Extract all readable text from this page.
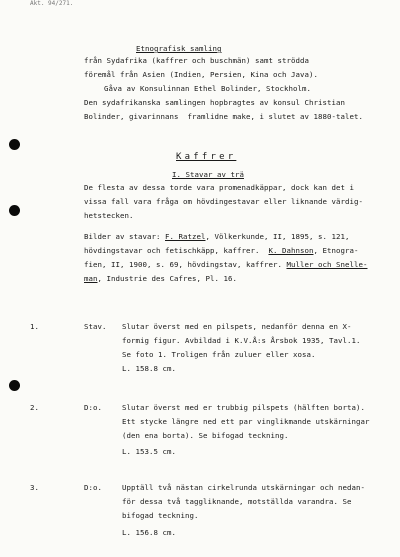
Akt. 94/271.
Etnografisk samling
från Sydafrika (kaffrer och buschmän) samt strödda
föremål från Asien (Indien, Persien, Kina och Java).
Gåva av Konsulinnan Ethel Bolinder, Stockholm.
Den sydafrikanska samlingen hopbragtes av konsul Christian
Bolinder, givarinnans  framlidne make, i slutet av 1880-talet.
Kaffrer
I. Stavar av trä
De flesta av dessa torde vara promenadkäppar, dock kan det i
vissa fall vara fråga om hövdingestavar eller liknande värdig-
hetstecken.
Bilder av stavar: F. Ratzel, Völkerkunde, II, 1895, s. 121,
hövdingstavar och fetischkäpp, kaffrer.  K. Dahnson, Etnogra-
fien, II, 1900, s. 69, hövdingstav, kaffrer. Muller och Snelle-
man, Industrie des Cafres, Pl. 16.
1.	Stav. Slutar överst med en pilspets, nedanför denna en X-
formig figur. Avbildad i K.V.Å:s Årsbok 1935, Tavl.1.
Se foto 1. Troligen från zuluer eller xosa.
L. 158.8 cm.
2.	D:o.	Slutar överst med er trubbig pilspets (hälften borta).
Ett stycke längre ned ett par vinglikmande utskärningar
(den ena borta). Se bifogad teckning.
L. 153.5 cm.
3.	D:o.	Upptäll två nästan cirkelrunda utskärningar och nedan-
för dessa två taggliknande, motställda varandra. Se
bifogad teckning.
L. 156.8 cm.
